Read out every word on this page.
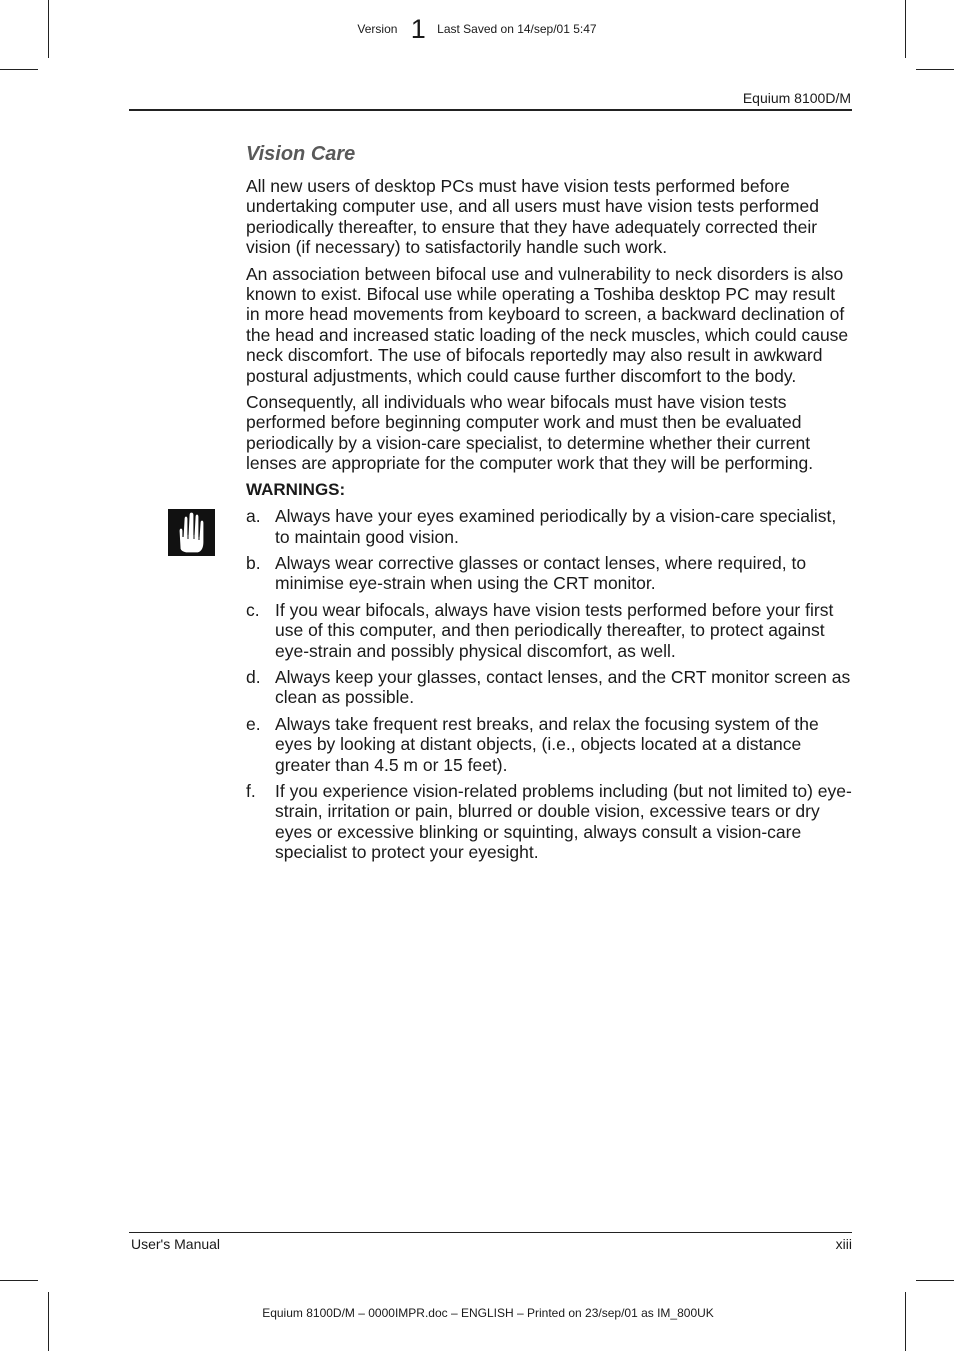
Version 1 Last Saved on 14/sep/01 5:47
Equium 8100D/M
Vision Care

All new users of desktop PCs must have vision tests performed before undertaking computer use, and all users must have vision tests performed periodically thereafter, to ensure that they have adequately corrected their vision (if necessary) to satisfactorily handle such work.

An association between bifocal use and vulnerability to neck disorders is also known to exist. Bifocal use while operating a Toshiba desktop PC may result in more head movements from keyboard to screen, a backward declination of the head and increased static loading of the neck muscles, which could cause neck discomfort. The use of bifocals reportedly may also result in awkward postural adjustments, which could cause further discomfort to the body.

Consequently, all individuals who wear bifocals must have vision tests performed before beginning computer work and must then be evaluated periodically by a vision-care specialist, to determine whether their current lenses are appropriate for the computer work that they will be performing.

WARNINGS:
a. Always have your eyes examined periodically by a vision-care specialist, to maintain good vision.
b. Always wear corrective glasses or contact lenses, where required, to minimise eye-strain when using the CRT monitor.
c. If you wear bifocals, always have vision tests performed before your first use of this computer, and then periodically thereafter, to protect against eye-strain and possibly physical discomfort, as well.
d. Always keep your glasses, contact lenses, and the CRT monitor screen as clean as possible.
e. Always take frequent rest breaks, and relax the focusing system of the eyes by looking at distant objects, (i.e., objects located at a distance greater than 4.5 m or 15 feet).
f. If you experience vision-related problems including (but not limited to) eye-strain, irritation or pain, blurred or double vision, excessive tears or dry eyes or excessive blinking or squinting, always consult a vision-care specialist to protect your eyesight.
User's Manual	xiii
Equium 8100D/M – 0000IMPR.doc – ENGLISH – Printed on 23/sep/01 as IM_800UK
